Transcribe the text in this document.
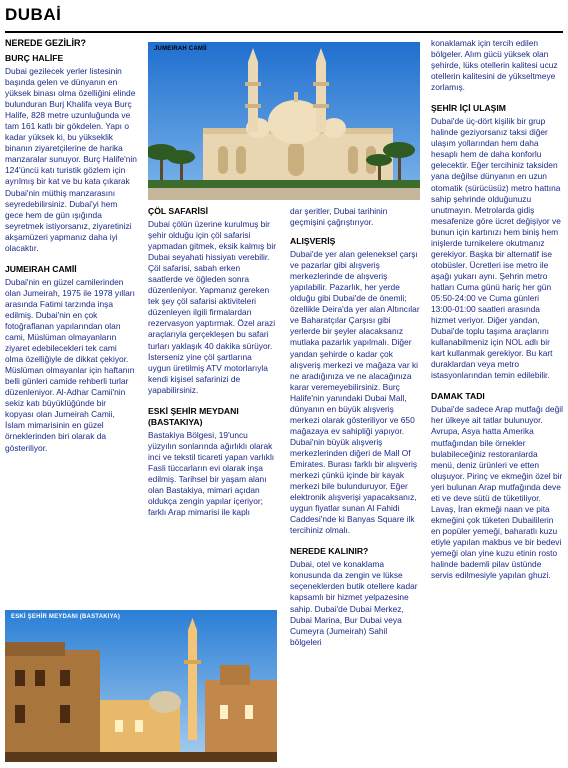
DUBAİ
NEREDE GEZİLİR?
BURÇ HALİFE

Dubai gezilecek yerler listesinin başında gelen ve dünyanın en yüksek binası olma özelliğini elinde bulunduran Burj Khalifa veya Burç Halife, 828 metre uzunluğunda ve tam 161 katlı bir gökdelen. Yapı o kadar yüksek ki, bu yükseklik binanın ziyaretçilerine de harika manzaralar sunuyor. Burç Halife'nin 124'üncü katı turistik gözlem için ayrılmış bir kat ve bu kata çıkarak Dubai'nin müthiş manzarasını seyredebilirsiniz. Dubai'yi hem gece hem de gün ışığında seyretmek istiyorsanız, ziyaretinizi akşamüzeri yapmanız daha iyi olacaktır.

JUMEIRAH CAMİİ

Dubai'nin en güzel camilerinden olan Jumeirah, 1975 ile 1978 yılları arasında Fatimi tarzında inşa edilmiş. Dubai'nin en çok fotoğraflanan yapılarından olan cami, Müslüman olmayanların ziyaret edebilecekleri tek cami olma özelliğiyle de dikkat çekiyor. Müslüman olmayanlar için haftanın belli günleri camide rehberli turlar düzenleniyor. Al-Adhar Camii'nin sekiz katı büyüklüğünde bir kopyası olan Jumeirah Camii, İslam mimarisinin en güzel örneklerinden biri olarak da gösteriliyor.

JUMEIRAH CAMİİ
ÇÖL SAFARİSİ

Dubai çölün üzerine kurulmuş bir şehir olduğu için çöl safarisi yapmadan gitmek, eksik kalmış bir Dubai seyahati hissiyatı verebilir. Çöl safarisi, sabah erken saatlerde ve öğleden sonra düzenleniyor. Yapmanız gereken tek şey çöl safarisi aktiviteleri düzenleyen ilgili firmalardan rezervasyon yaptırmak. Özel arazi araçlarıyla gerçekleşen bu safari turları yaklaşık 40 dakika sürüyor. İsterseniz yine çöl şartlarına uygun üretilmiş ATV motorlarıyla kendi kişisel safarinizi de yapabilirsiniz.

ESKİ ŞEHİR MEYDANI (BASTAKIYA)

Bastakiya Bölgesi, 19'uncu yüzyılın sonlarında ağırlıklı olarak inci ve tekstil ticareti yapan varlıklı Fasli tüccarların evi olarak inşa edilmiş. Tarihsel bir yaşam alanı olan Bastakiya, mimari açıdan oldukça zengin yapılar içeriyor; farklı Arap mimarisi ile kaplı

ESKİ ŞEHİR MEYDANI (BASTAKIYA)

dar şeritler, Dubai tarihinin geçmişini çağrıştırıyor.

ALIŞVERİŞ

Dubai'de yer alan geleneksel çarşı ve pazarlar gibi alışveriş merkezlerinde de alışveriş yapılabilir. Pazarlık, her yerde olduğu gibi Dubai'de de önemli; özellikle Deira'da yer alan Altıncılar ve Baharatçılar Çarşısı gibi yerlerde bir şeyler alacaksanız mutlaka pazarlık yapılmalı. Diğer yandan şehirde o kadar çok alışveriş merkezi ve mağaza var ki ne aradığınıza ve ne alacağınıza karar veremeyebilirsiniz. Burç Halife'nin yanındaki Dubai Mall, dünyanın en büyük alışveriş merkezi olarak gösteriliyor ve 650 mağazaya ev sahipliği yapıyor. Dubai'nin büyük alışveriş merkezlerinden diğeri de Mall Of Emirates. Burası farklı bir alışveriş merkezi çünkü içinde bir kayak merkezi bile bulunduruyor. Eğer elektronik alışverişi yapacaksanız, uygun fiyatlar sunan Al Fahidi Caddesi'nde ki Banyas Square ilk tercihiniz olmalı.

NEREDE KALINIR?

Dubai, otel ve konaklama konusunda da zengin ve lükse seçeneklerden butik otellere kadar kapsamlı bir hizmet yelpazesine sahip. Dubai'de Dubai Merkez, Dubai Marina, Bur Dubai veya Cumeyra (Jumeirah) Sahil bölgeleri

konaklamak için tercih edilen bölgeler. Alım gücü yüksek olan şehirde, lüks otellerin kalitesi ucuz otellerin kalitesini de yükseltmeye zorlamış.

ŞEHİR İÇİ ULAŞIM

Dubai'de üç-dört kişilik bir grup halinde geziyorsanız taksi diğer ulaşım yollarından hem daha hesaplı hem de daha konforlu gelecektir. Eğer tercihiniz taksiden yana değilse dünyanın en uzun otomatik (sürücüsüz) metro hattına sahip şehrinde olduğunuzu unutmayın. Metrolarda gidiş mesafenize göre ücret değişiyor ve bunun için kartınızı hem biniş hem inişlerde turnikelere okutmanız gerekiyor. Başka bir alternatif ise otobüsler. Ücretleri ise metro ile aşağı yukarı aynı. Şehrin metro hatları Cuma günü hariç her gün 05:50-24:00 ve Cuma günleri 13:00-01:00 saatleri arasında hizmet veriyor. Diğer yandan, Dubai'de toplu taşıma araçlarını kullanabilmeniz için NOL adlı bir kart kullanmak gerekiyor. Bu kart duraklardan veya metro istasyonlarından temin edilebilir.

DAMAK TADI

Dubai'de sadece Arap mutfağı değil her ülkeye ait tatlar bulunuyor. Avrupa, Asya hatta Amerika mutfağından bile örnekler bulabileceğiniz restoranlarda menü, deniz ürünleri ve etten oluşuyor. Pirinç ve ekmeğin özel bir yeri bulunan Arap mutfağında deve eti ve deve sütü de tüketiliyor. Lavaş, İran ekmeği naan ve pita ekmeğini çok tüketen Dubaililerin en popüler yemeği, baharatlı kuzu etiyle yapılan makbus ve bir bedevi yemeği olan yine kuzu etinin rosto halinde bademli pilav üstünde servis edilmesiyle yapılan ghuzi.
